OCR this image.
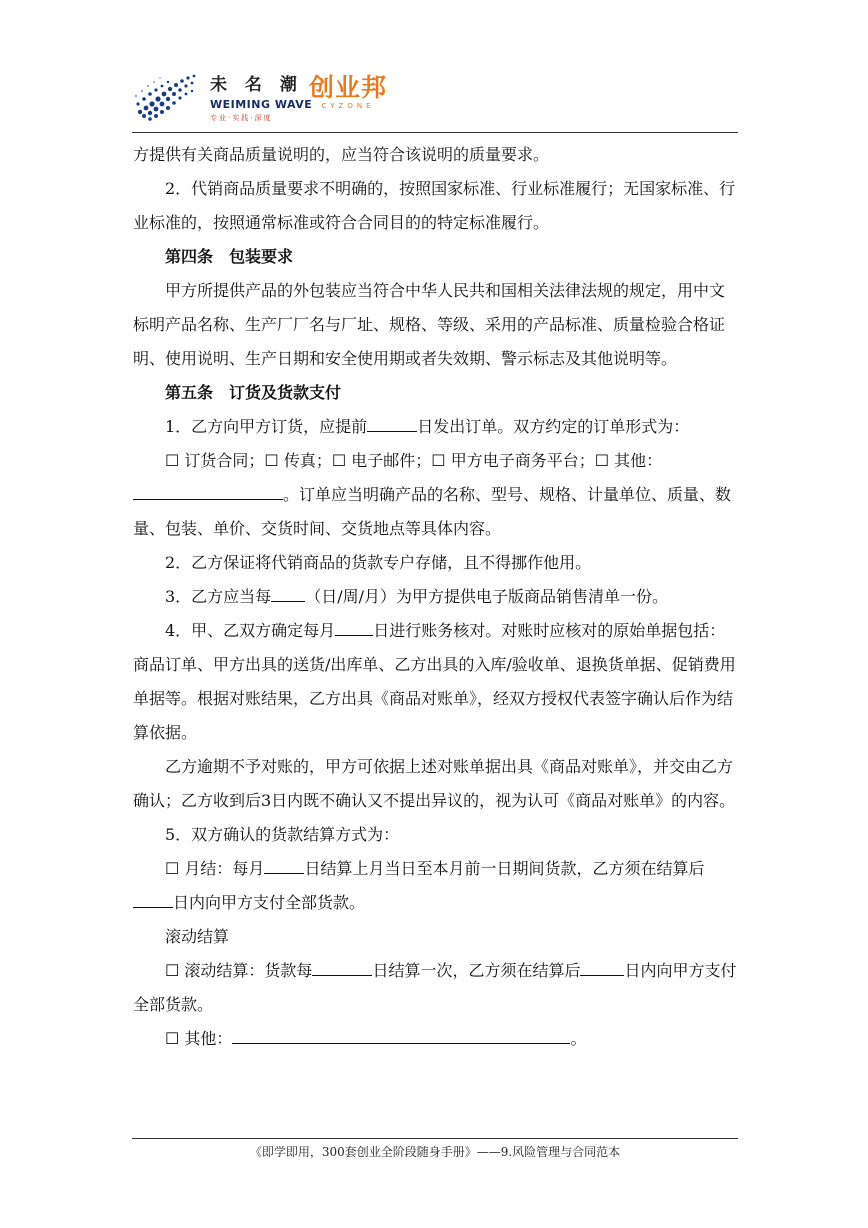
未 名 潮
WEIMING WAVE
专业·实践·深度
创业邦
CYZONE

方提供有关商品质量说明的，应当符合该说明的质量要求。

2．代销商品质量要求不明确的，按照国家标准、行业标准履行；无国家标准、行业标准的，按照通常标准或符合合同目的的特定标准履行。

第四条 包装要求

甲方所提供产品的外包装应当符合中华人民共和国相关法律法规的规定，用中文标明产品名称、生产厂厂名与厂址、规格、等级、采用的产品标准、质量检验合格证明、使用说明、生产日期和安全使用期或者失效期、警示标志及其他说明等。

第五条 订货及货款支付

1．乙方向甲方订货，应提前	日发出订单。双方约定的订单形式为：

☐ 订货合同；☐ 传真；☐ 电子邮件；☐ 甲方电子商务平台；☐ 其他：。订单应当明确产品的名称、型号、规格、计量单位、质量、数量、包装、单价、交货时间、交货地点等具体内容。

2．乙方保证将代销商品的货款专户存储，且不得挪作他用。

3．乙方应当每 （日/周/月）为甲方提供电子版商品销售清单一份。

4．甲、乙双方确定每月 日进行账务核对。对账时应核对的原始单据包括：商品订单、甲方出具的送货/出库单、乙方出具的入库/验收单、退换货单据、促销费用单据等。根据对账结果，乙方出具《商品对账单》，经双方授权代表签字确认后作为结算依据。

乙方逾期不予对账的，甲方可依据上述对账单据出具《商品对账单》，并交由乙方确认；乙方收到后3日内既不确认又不提出异议的，视为认可《商品对账单》的内容。

5．双方确认的货款结算方式为：

☐ 月结：每月	日结算上月当日至本月前一日期间货款，乙方须在结算后日内向甲方支付全部货款。

滚动结算

☐ 滚动结算：货款每	日结算一次，乙方须在结算后	日内向甲方支付全部货款。

☐ 其他：	。

《即学即用，300套创业全阶段随身手册》——9.风险管理与合同范本
